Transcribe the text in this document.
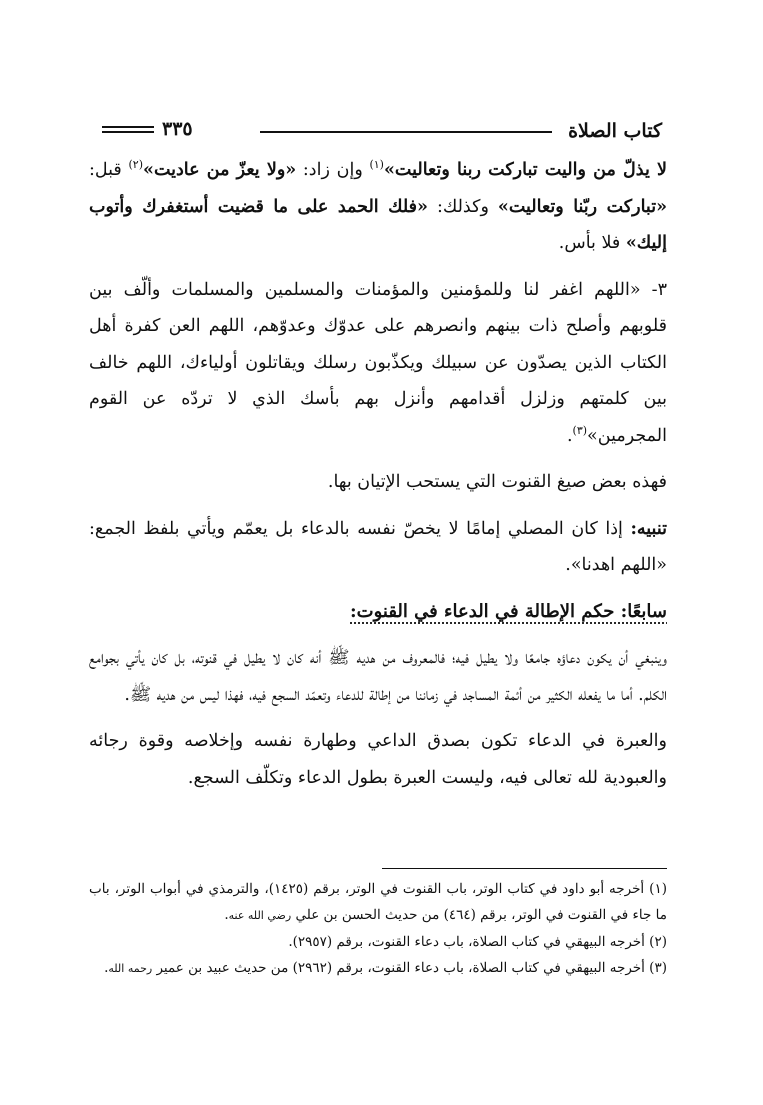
كتاب الصلاة
٣٣٥

لا يذلّ من واليت تباركت ربنا وتعاليت»$^{(١)}$ وإن زاد: «ولا يعزّ من عاديت»$^{(٢)}$ قبل: «تباركت ربّنا وتعاليت» وكذلك: «فلك الحمد على ما قضيت أستغفرك وأتوب إليك» فلا بأس.

٣- «اللهم اغفر لنا وللمؤمنين والمؤمنات والمسلمين والمسلمات وألّف بين قلوبهم وأصلح ذات بينهم وانصرهم على عدوّك وعدوّهم، اللهم العن كفرة أهل الكتاب الذين يصدّون عن سبيلك ويكذّبون رسلك ويقاتلون أولياءك، اللهم خالف بين كلمتهم وزلزل أقدامهم وأنزل بهم بأسك الذي لا تردّه عن القوم المجرمين»$^{(٣)}$.

فهذه بعض صيغ القنوت التي يستحب الإتيان بها.

تنبيه: إذا كان المصلي إمامًا لا يخصّ نفسه بالدعاء بل يعمّم ويأتي بلفظ الجمع: «اللهم اهدنا».

سابعًا: حكم الإطالة في الدعاء في القنوت:

وينبغي أن يكون دعاؤه جامعًا ولا يطيل فيه؛ فالمعروف من هديه ﷺ أنه كان لا يطيل في قنوته، بل كان يأتي بجوامع الكلم. أما ما يفعله الكثير من أئمة المساجد في زماننا من إطالة للدعاء وتعمّد السجع فيه، فهذا ليس من هديه ﷺ.

والعبرة في الدعاء تكون بصدق الداعي وطهارة نفسه وإخلاصه وقوة رجائه والعبودية لله تعالى فيه، وليست العبرة بطول الدعاء وتكلّف السجع.

(١) أخرجه أبو داود في كتاب الوتر، باب القنوت في الوتر، برقم (١٤٢٥)، والترمذي في أبواب الوتر، باب ما جاء في القنوت في الوتر، برقم (٤٦٤) من حديث الحسن بن علي رضي الله عنه.

(٢) أخرجه البيهقي في كتاب الصلاة، باب دعاء القنوت، برقم (٢٩٥٧).

(٣) أخرجه البيهقي في كتاب الصلاة، باب دعاء القنوت، برقم (٢٩٦٢) من حديث عبيد بن عمير رحمه الله.
